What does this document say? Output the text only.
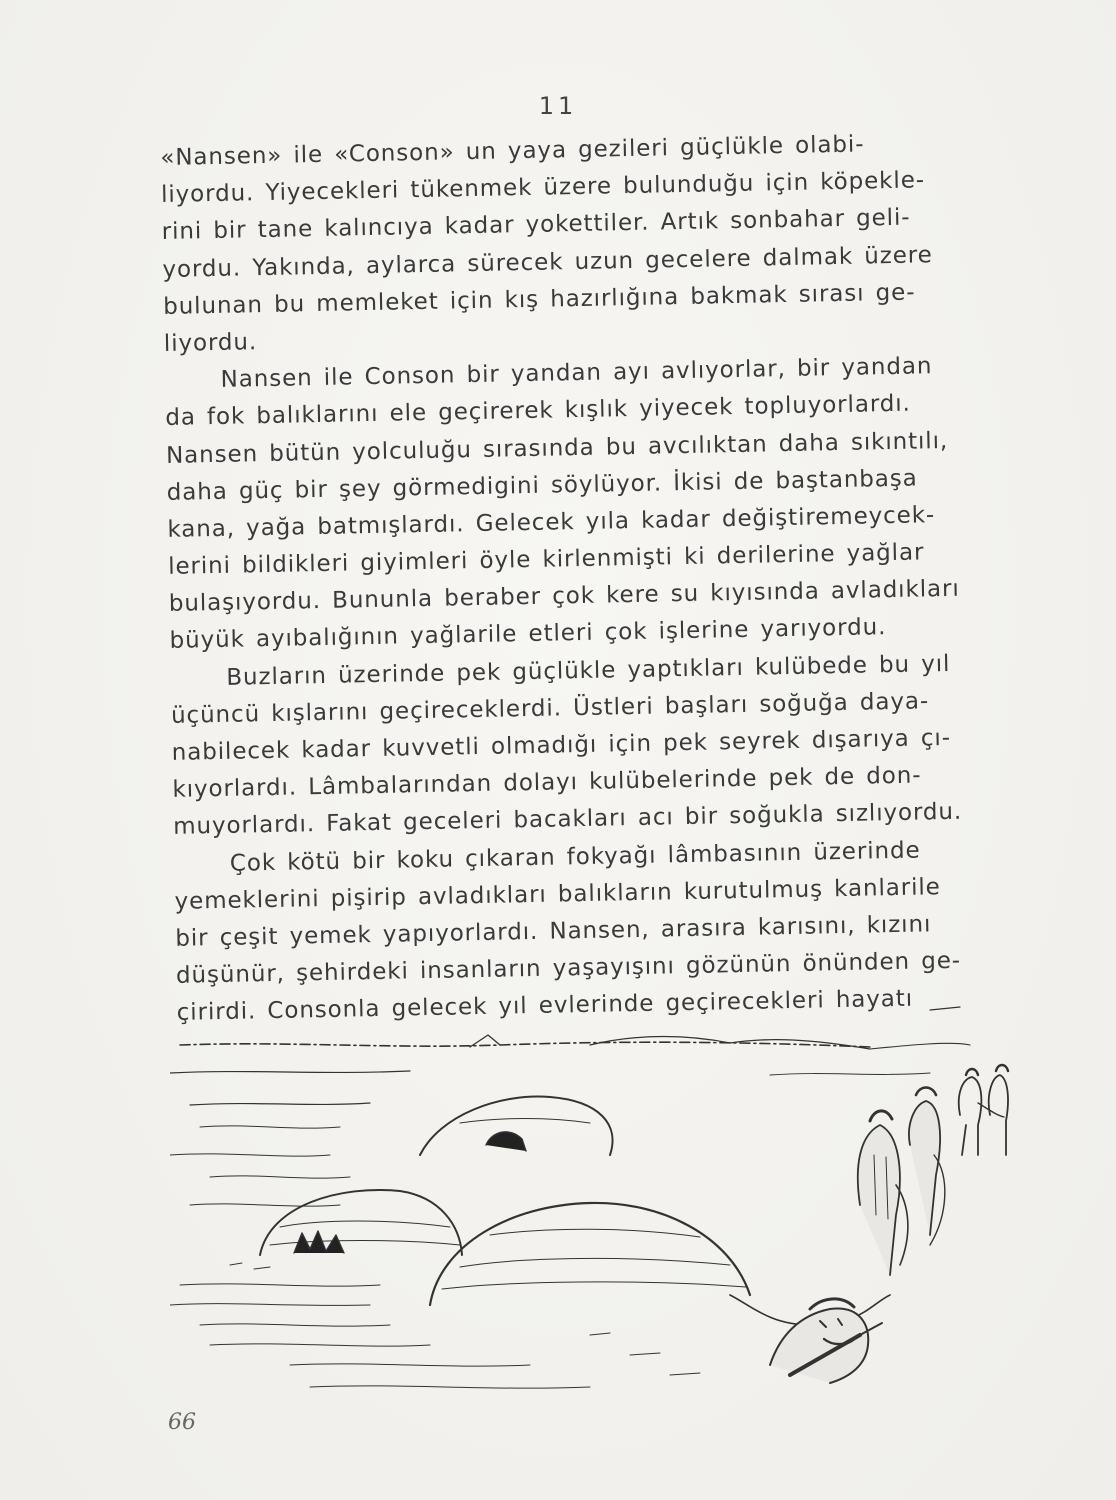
11
«Nansen» ile «Conson» un yaya gezileri güçlükle olabi-
liyordu. Yiyecekleri tükenmek üzere bulunduğu için köpekle-
rini bir tane kalıncıya kadar yokettiler. Artık sonbahar geli-
yordu. Yakında, aylarca sürecek uzun gecelere dalmak üzere
bulunan bu memleket için kış hazırlığına bakmak sırası ge-
liyordu.
Nansen ile Conson bir yandan ayı avlıyorlar, bir yandan
da fok balıklarını ele geçirerek kışlık yiyecek topluyorlardı.
Nansen bütün yolculuğu sırasında bu avcılıktan daha sıkıntılı,
daha güç bir şey görmedigini söylüyor. İkisi de baştanbaşa
kana, yağa batmışlardı. Gelecek yıla kadar değiştiremeycek-
lerini bildikleri giyimleri öyle kirlenmişti ki derilerine yağlar
bulaşıyordu. Bununla beraber çok kere su kıyısında avladıkları
büyük ayıbalığının yağlarile etleri çok işlerine yarıyordu.
Buzların üzerinde pek güçlükle yaptıkları kulübede bu yıl
üçüncü kışlarını geçireceklerdi. Üstleri başları soğuğa daya-
nabilecek kadar kuvvetli olmadığı için pek seyrek dışarıya çı-
kıyorlardı. Lâmbalarından dolayı kulübelerinde pek de don-
muyorlardı. Fakat geceleri bacakları acı bir soğukla sızlıyordu.
Çok kötü bir koku çıkaran fokyağı lâmbasının üzerinde
yemeklerini pişirip avladıkları balıkların kurutulmuş kanlarile
bir çeşit yemek yapıyorlardı. Nansen, arasıra karısını, kızını
düşünür, şehirdeki insanların yaşayışını gözünün önünden ge-
çirirdi. Consonla gelecek yıl evlerinde geçirecekleri hayatı
66
